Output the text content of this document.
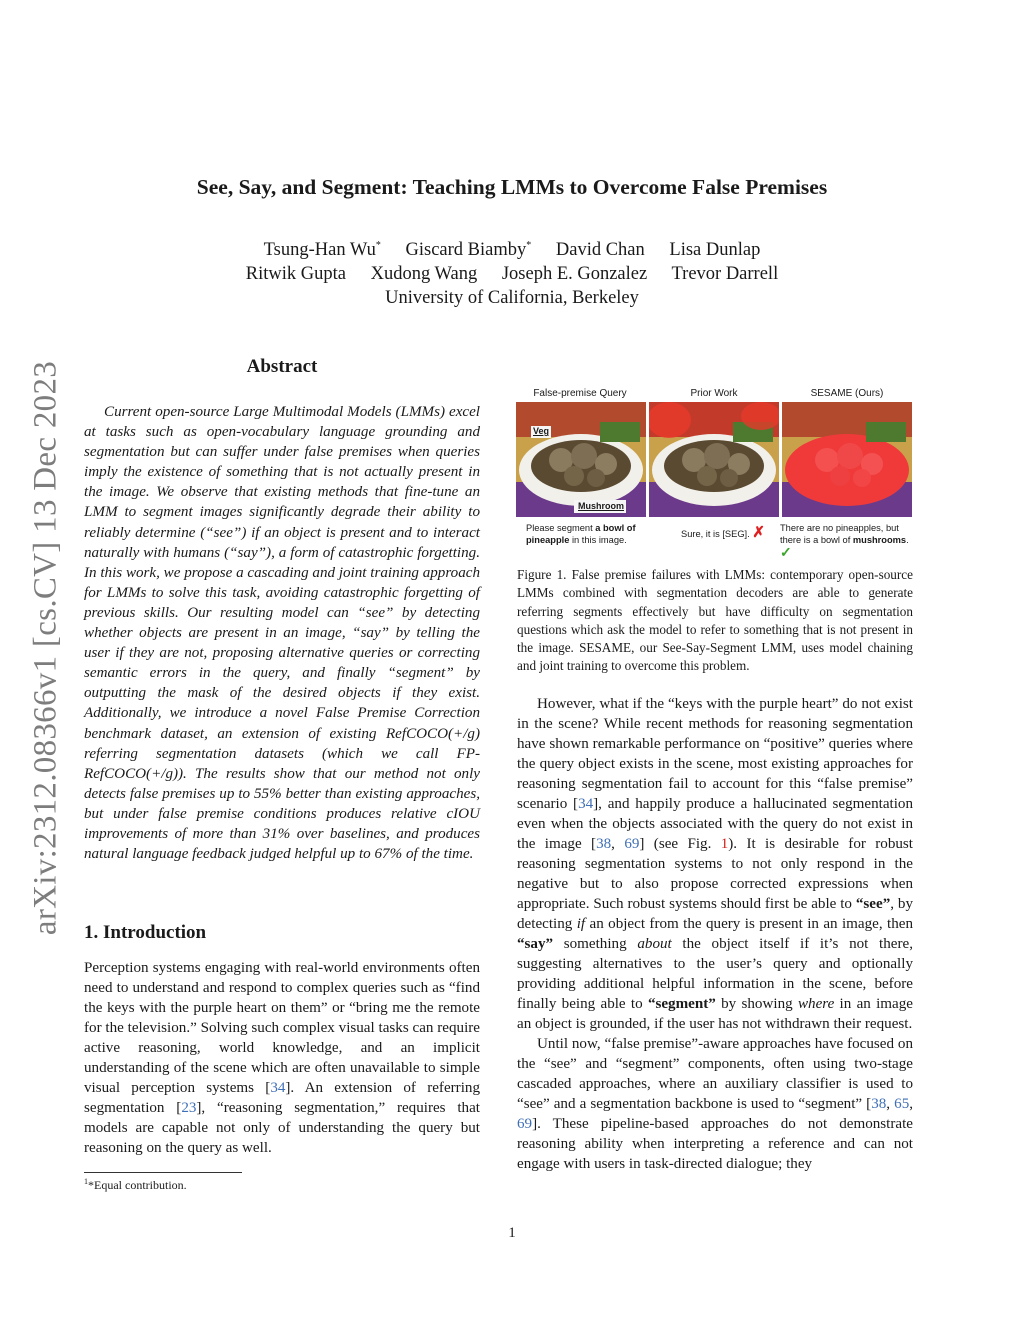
arXiv:2312.08366v1 [cs.CV] 13 Dec 2023
See, Say, and Segment: Teaching LMMs to Overcome False Premises
Tsung-Han Wu* Giscard Biamby* David Chan Lisa Dunlap
Ritwik Gupta Xudong Wang Joseph E. Gonzalez Trevor Darrell
University of California, Berkeley
Abstract
Current open-source Large Multimodal Models (LMMs) excel at tasks such as open-vocabulary language grounding and segmentation but can suffer under false premises when queries imply the existence of something that is not actually present in the image. We observe that existing methods that fine-tune an LMM to segment images significantly degrade their ability to reliably determine (“see”) if an object is present and to interact naturally with humans (“say”), a form of catastrophic forgetting. In this work, we propose a cascading and joint training approach for LMMs to solve this task, avoiding catastrophic forgetting of previous skills. Our resulting model can “see” by detecting whether objects are present in an image, “say” by telling the user if they are not, proposing alternative queries or correcting semantic errors in the query, and finally “segment” by outputting the mask of the desired objects if they exist. Additionally, we introduce a novel False Premise Correction benchmark dataset, an extension of existing RefCOCO(+/g) referring segmentation datasets (which we call FP-RefCOCO(+/g)). The results show that our method not only detects false premises up to 55% better than existing approaches, but under false premise conditions produces relative cIOU improvements of more than 31% over baselines, and produces natural language feedback judged helpful up to 67% of the time.
1. Introduction
Perception systems engaging with real-world environments often need to understand and respond to complex queries such as “find the keys with the purple heart on them” or “bring me the remote for the television.” Solving such complex visual tasks can require active reasoning, world knowledge, and an implicit understanding of the scene which are often unavailable to simple visual perception systems [34]. An extension of referring segmentation [23], “reasoning segmentation,” requires that models are capable not only of understanding the query but reasoning on the query as well.
$^1$*Equal contribution.
1
False-premise Query	Prior Work	SESAME (Ours)
Veg
Mushroom
Please segment a bowl of pineapple in this image.
Sure, it is [SEG]. ✗ There are no pineapples, but there is a bowl of mushrooms. ✓
Figure 1. False premise failures with LMMs: contemporary open-source LMMs combined with segmentation decoders are able to generate referring segments effectively but have difficulty on segmentation questions which ask the model to refer to something that is not present in the image. SESAME, our See-Say-Segment LMM, uses model chaining and joint training to overcome this problem.

However, what if the “keys with the purple heart” do not exist in the scene? While recent methods for reasoning segmentation have shown remarkable performance on “positive” queries where the query object exists in the scene, most existing approaches for reasoning segmentation fail to account for this “false premise” scenario [34], and happily produce a hallucinated segmentation even when the objects associated with the query do not exist in the image [38, 69] (see Fig. 1). It is desirable for robust reasoning segmentation systems to not only respond in the negative but to also propose corrected expressions when appropriate. Such robust systems should first be able to “see”, by detecting if an object from the query is present in an image, then “say” something about the object itself if it’s not there, suggesting alternatives to the user’s query and optionally providing additional helpful information in the scene, before finally being able to “segment” by showing where in an image an object is grounded, if the user has not withdrawn their request.

Until now, “false premise”-aware approaches have focused on the “see” and “segment” components, often using two-stage cascaded approaches, where an auxiliary classifier is used to “see” and a segmentation backbone is used to “segment” [38, 65, 69]. These pipeline-based approaches do not demonstrate reasoning ability when interpreting a reference and can not engage with users in task-directed dialogue; they
